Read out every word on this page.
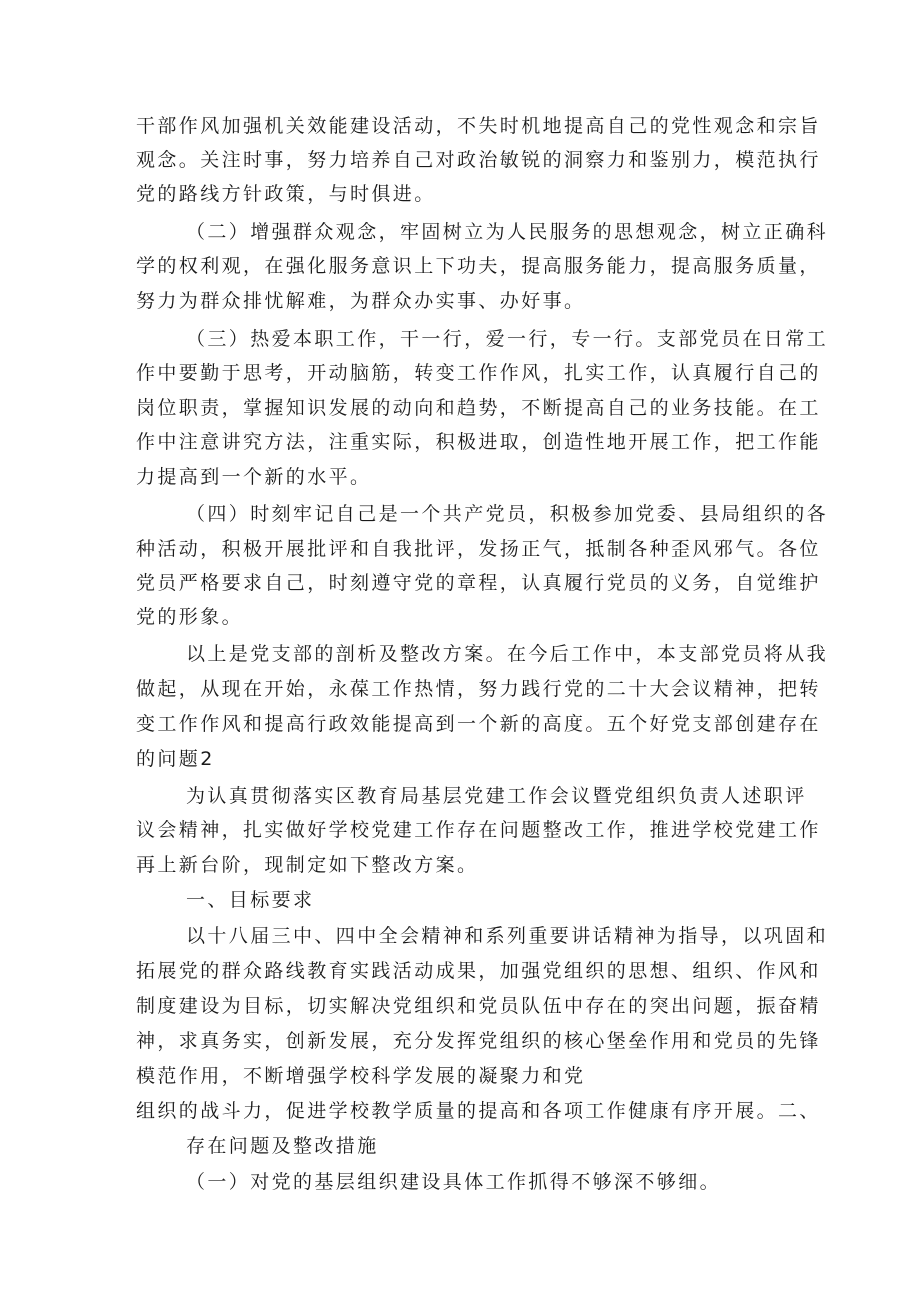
干部作风加强机关效能建设活动，不失时机地提高自己的党性观念和宗旨
观念。关注时事，努力培养自己对政治敏锐的洞察力和鉴别力，模范执行
党的路线方针政策，与时俱进。
（二）增强群众观念，牢固树立为人民服务的思想观念，树立正确科
学的权利观，在强化服务意识上下功夫，提高服务能力，提高服务质量，
努力为群众排忧解难，为群众办实事、办好事。
（三）热爱本职工作，干一行，爱一行，专一行。支部党员在日常工
作中要勤于思考，开动脑筋，转变工作作风，扎实工作，认真履行自己的
岗位职责，掌握知识发展的动向和趋势，不断提高自己的业务技能。在工
作中注意讲究方法，注重实际，积极进取，创造性地开展工作，把工作能
力提高到一个新的水平。
（四）时刻牢记自己是一个共产党员，积极参加党委、县局组织的各
种活动，积极开展批评和自我批评，发扬正气，抵制各种歪风邪气。各位
党员严格要求自己，时刻遵守党的章程，认真履行党员的义务，自觉维护
党的形象。
以上是党支部的剖析及整改方案。在今后工作中，本支部党员将从我
做起，从现在开始，永葆工作热情，努力践行党的二十大会议精神，把转
变工作作风和提高行政效能提高到一个新的高度。五个好党支部创建存在
的问题2
为认真贯彻落实区教育局基层党建工作会议暨党组织负责人述职评
议会精神，扎实做好学校党建工作存在问题整改工作，推进学校党建工作
再上新台阶，现制定如下整改方案。
一、目标要求
以十八届三中、四中全会精神和系列重要讲话精神为指导，以巩固和
拓展党的群众路线教育实践活动成果，加强党组织的思想、组织、作风和
制度建设为目标，切实解决党组织和党员队伍中存在的突出问题，振奋精
神，求真务实，创新发展，充分发挥党组织的核心堡垒作用和党员的先锋
模范作用，不断增强学校科学发展的凝聚力和党
组织的战斗力，促进学校教学质量的提高和各项工作健康有序开展。二、
存在问题及整改措施
（一）对党的基层组织建设具体工作抓得不够深不够细。
